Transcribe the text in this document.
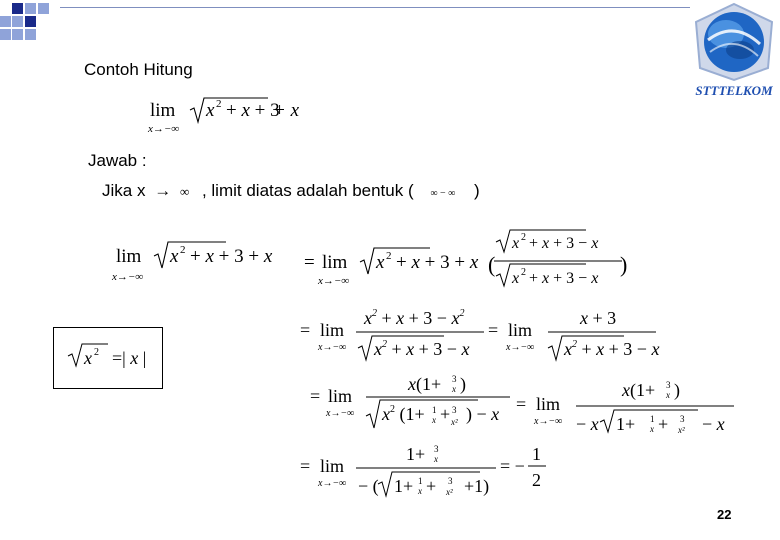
STTTELKOM
Contoh Hitung
Jawab :
Jika x → ∞ , limit diatas adalah bentuk ( ∞ − ∞ )
lim
x→−∞
x 2 + x + 3
+ x
lim
x→−∞
x 2 + x + 3 + x = lim
x→−∞
x 2 + x + 3 + x (
x 2 + x + 3 − x
x 2 + x + 3 − x
)
= lim
x→−∞
$x^2 + x + 3 - x^2$
$x^2 + x + 3 - x$
= lim
x→−∞
x + 3
$x^2 + x + 3 - x$
x 2 =| x |
= lim
x→−∞
x(1+ 3
x )
$x^2$ (1+ 1
x + 3
x² ) − x = lim
x→−∞
x(1+ 3
x )
− x 1+ 1
x + 3
x² − x
= lim
x→−∞
1+ 3
x
− ( 1+ 1
x + 3
x² +1)
= −
1
2
22
